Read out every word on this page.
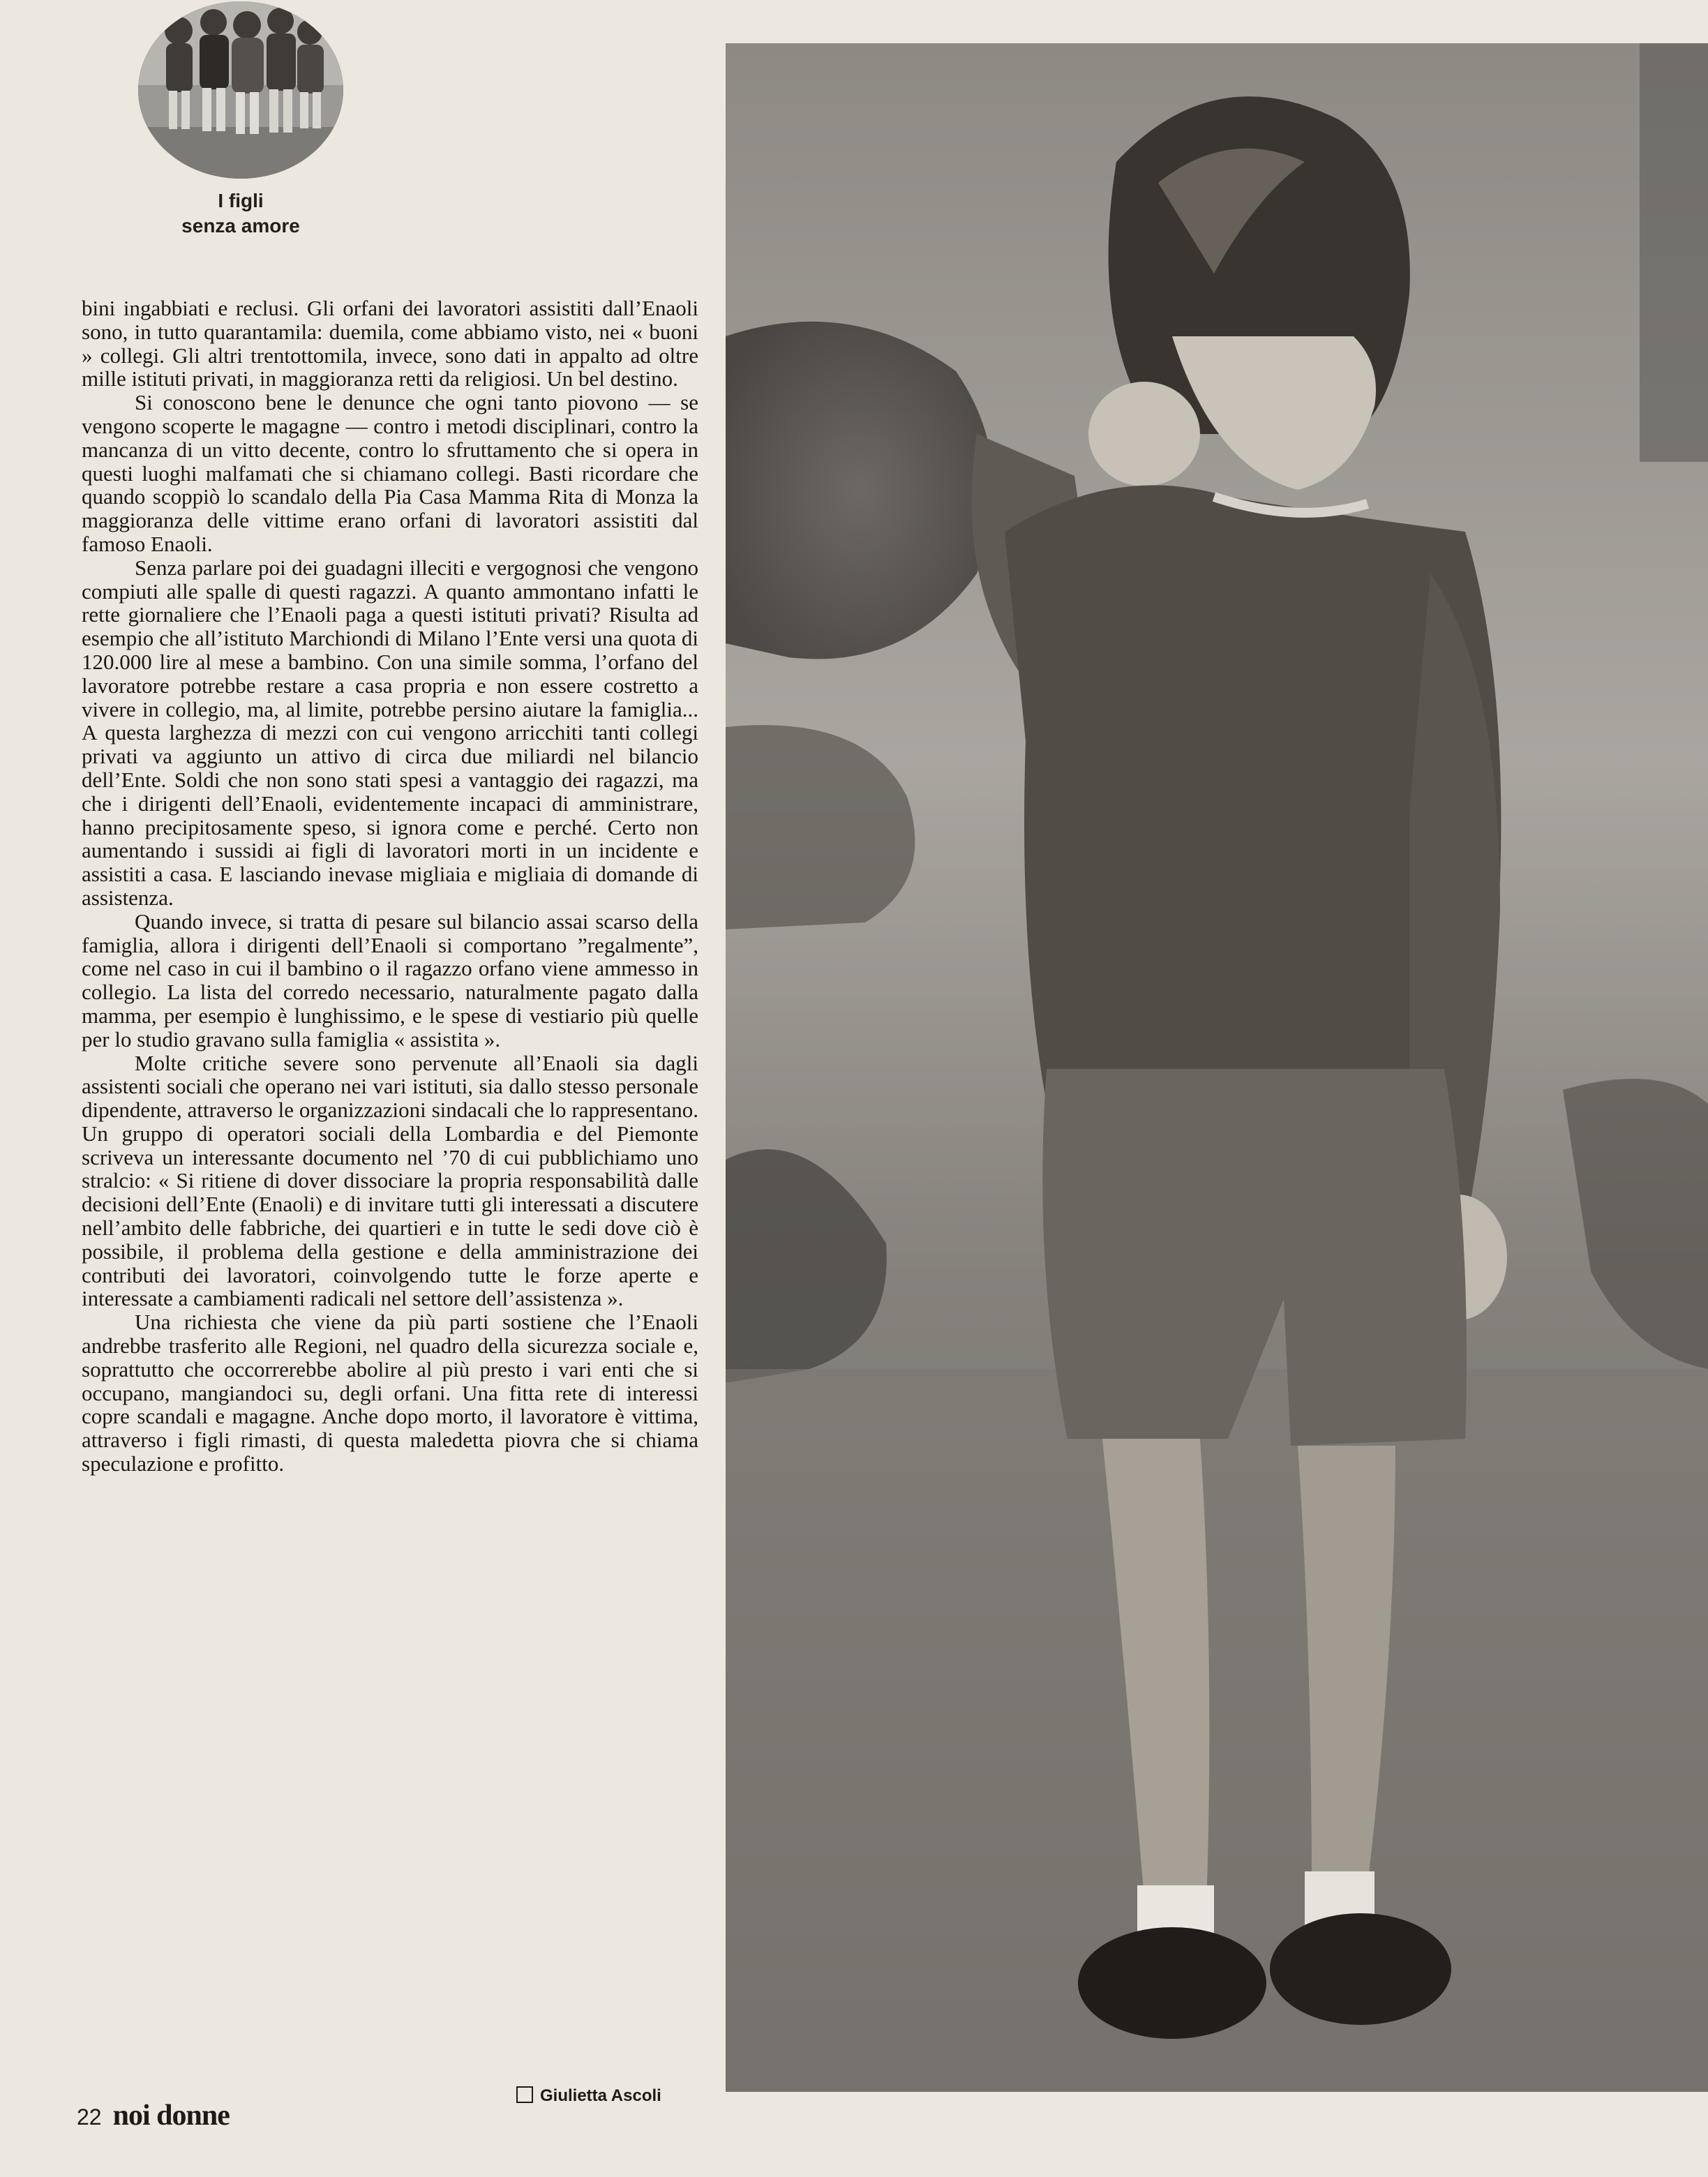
I figli
senza amore

bini ingabbiati e reclusi. Gli orfani dei lavoratori assistiti dall’Enaoli sono, in tutto quarantamila: duemila, come abbiamo visto, nei « buoni » collegi. Gli altri trentottomila, invece, sono dati in appalto ad oltre mille istituti privati, in maggioranza retti da religiosi. Un bel destino.

Si conoscono bene le denunce che ogni tanto piovono — se vengono scoperte le magagne — contro i metodi disciplinari, contro la mancanza di un vitto decente, contro lo sfruttamento che si opera in questi luoghi malfamati che si chiamano collegi. Basti ricordare che quando scoppiò lo scandalo della Pia Casa Mamma Rita di Monza la maggioranza delle vittime erano orfani di lavoratori assistiti dal famoso Enaoli.

Senza parlare poi dei guadagni illeciti e vergognosi che vengono compiuti alle spalle di questi ragazzi. A quanto ammontano infatti le rette giornaliere che l’Enaoli paga a questi istituti privati? Risulta ad esempio che all’istituto Marchiondi di Milano l’Ente versi una quota di 120.000 lire al mese a bambino. Con una simile somma, l’orfano del lavoratore potrebbe restare a casa propria e non essere costretto a vivere in collegio, ma, al limite, potrebbe persino aiutare la famiglia... A questa larghezza di mezzi con cui vengono arricchiti tanti collegi privati va aggiunto un attivo di circa due miliardi nel bilancio dell’Ente. Soldi che non sono stati spesi a vantaggio dei ragazzi, ma che i dirigenti dell’Enaoli, evidentemente incapaci di amministrare, hanno precipitosamente speso, si ignora come e perché. Certo non aumentando i sussidi ai figli di lavoratori morti in un incidente e assistiti a casa. E lasciando inevase migliaia e migliaia di domande di assistenza.

Quando invece, si tratta di pesare sul bilancio assai scarso della famiglia, allora i dirigenti dell’Enaoli si comportano ”regalmente”, come nel caso in cui il bambino o il ragazzo orfano viene ammesso in collegio. La lista del corredo necessario, naturalmente pagato dalla mamma, per esempio è lunghissimo, e le spese di vestiario più quelle per lo studio gravano sulla famiglia « assistita ».

Molte critiche severe sono pervenute all’Enaoli sia dagli assistenti sociali che operano nei vari istituti, sia dallo stesso personale dipendente, attraverso le organizzazioni sindacali che lo rappresentano. Un gruppo di operatori sociali della Lombardia e del Piemonte scriveva un interessante documento nel ’70 di cui pubblichiamo uno stralcio: « Si ritiene di dover dissociare la propria responsabilità dalle decisioni dell’Ente (Enaoli) e di invitare tutti gli interessati a discutere nell’ambito delle fabbriche, dei quartieri e in tutte le sedi dove ciò è possibile, il problema della gestione e della amministrazione dei contributi dei lavoratori, coinvolgendo tutte le forze aperte e interessate a cambiamenti radicali nel settore dell’assistenza ».

Una richiesta che viene da più parti sostiene che l’Enaoli andrebbe trasferito alle Regioni, nel quadro della sicurezza sociale e, soprattutto che occorrerebbe abolire al più presto i vari enti che si occupano, mangiandoci su, degli orfani. Una fitta rete di interessi copre scandali e magagne. Anche dopo morto, il lavoratore è vittima, attraverso i figli rimasti, di questa maledetta piovra che si chiama speculazione e profitto.

Giulietta Ascoli
22 noi donne
